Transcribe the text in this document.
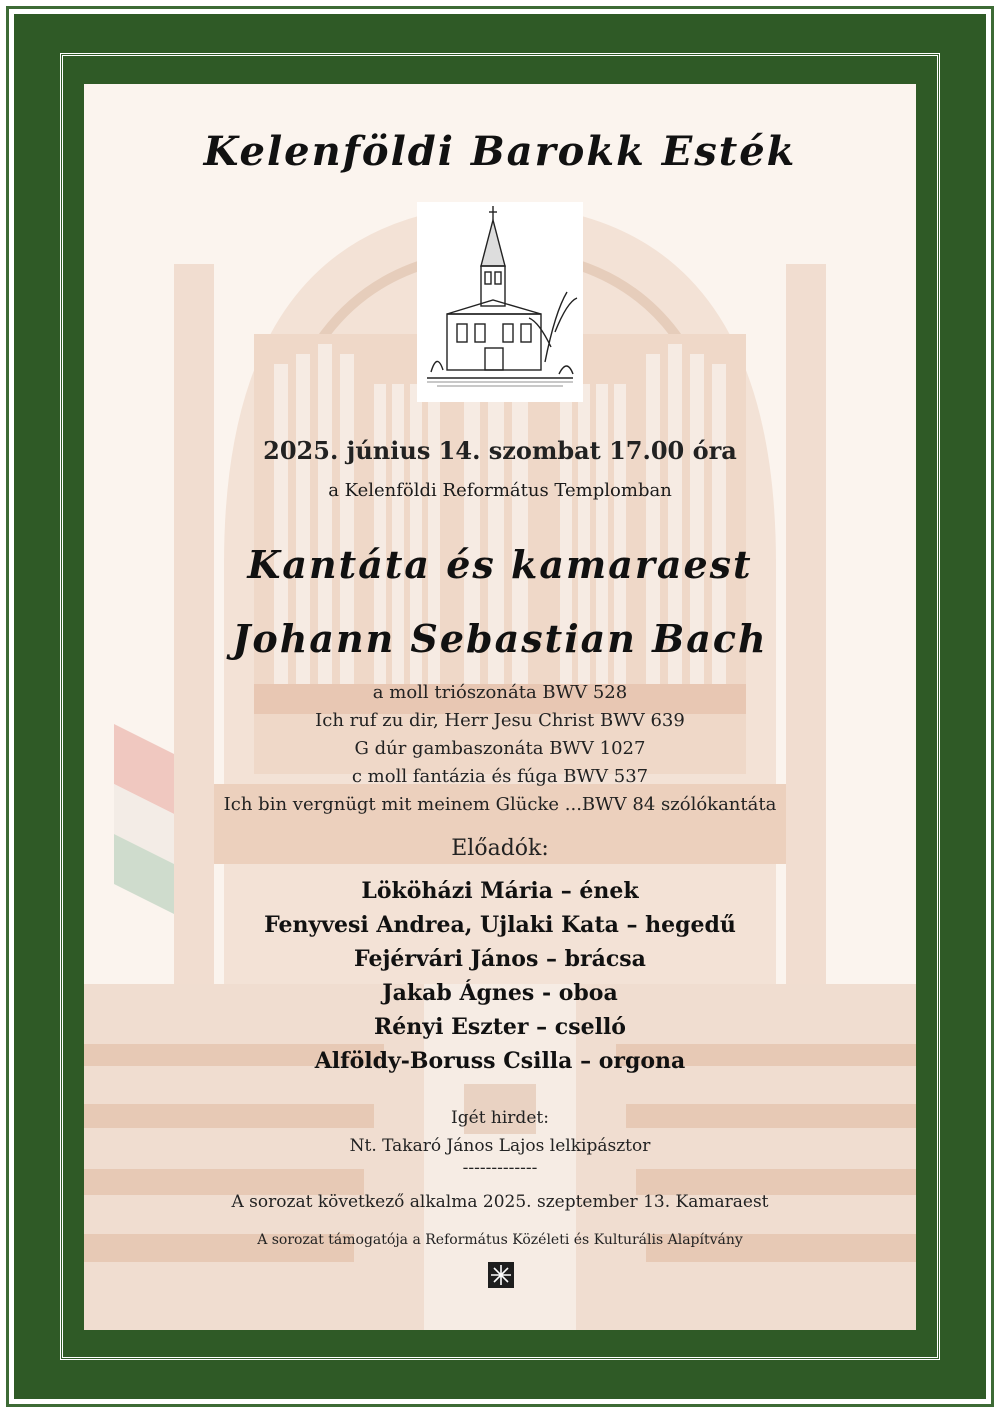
Kelenföldi Barokk Esték
2025. június 14. szombat 17.00 óra
a Kelenföldi Református Templomban
Kantáta és kamaraest
Johann Sebastian Bach
a moll triószonáta BWV 528
Ich ruf zu dir, Herr Jesu Christ BWV 639
G dúr gambaszonáta BWV 1027
c moll fantázia és fúga BWV 537
Ich bin vergnügt mit meinem Glücke ...BWV 84 szólókantáta
Előadók:
Lököházi Mária – ének
Fenyvesi Andrea, Ujlaki Kata – hegedű
Fejérvári János – brácsa
Jakab Ágnes - oboa
Rényi Eszter – cselló
Alföldy-Boruss Csilla – orgona
Igét hirdet:
Nt. Takaró János Lajos lelkipásztor
-------------
A sorozat következő alkalma 2025. szeptember 13. Kamaraest
A sorozat támogatója a Református Közéleti és Kulturális Alapítvány
